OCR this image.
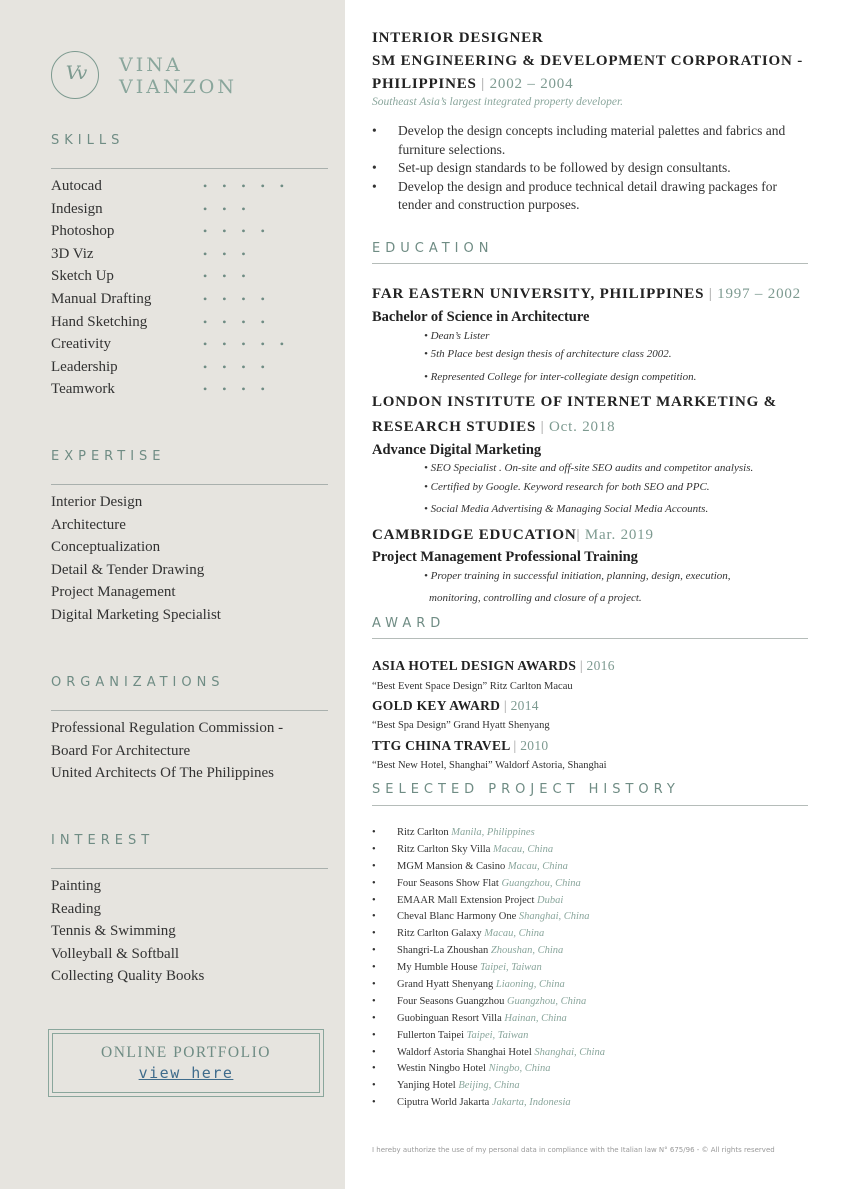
Vv	VINA
VIANZON
SKILLS
Autocad	• • • • •
Indesign	• • •
Photoshop	• • • •
3D Viz	• • •
Sketch Up	• • •
Manual Drafting	• • • •
Hand Sketching	• • • •
Creativity	• • • • •
Leadership	• • • •
Teamwork	• • • •
EXPERTISE
Interior Design
Architecture
Conceptualization
Detail & Tender Drawing
Project Management
Digital Marketing Specialist
ORGANIZATIONS
Professional Regulation Commission -
Board For Architecture
United Architects Of The Philippines
INTEREST
Painting
Reading
Tennis & Swimming
Volleyball & Softball
Collecting Quality Books
ONLINE PORTFOLIO
view here
INTERIOR DESIGNER
SM ENGINEERING & DEVELOPMENT CORPORATION -
PHILIPPINES | 2002 – 2004
Southeast Asia’s largest integrated property developer.
• Develop the design concepts including material palettes and fabrics and furniture selections.
• Set-up design standards to be followed by design consultants.
• Develop the design and produce technical detail drawing packages for tender and construction purposes.
EDUCATION
FAR EASTERN UNIVERSITY, PHILIPPINES | 1997 – 2002
Bachelor of Science in Architecture
• Dean’s Lister
• 5th Place best design thesis of architecture class 2002.
• Represented College for inter-collegiate design competition.
LONDON INSTITUTE OF INTERNET MARKETING &
RESEARCH STUDIES | Oct. 2018
Advance Digital Marketing
• SEO Specialist . On-site and off-site SEO audits and competitor analysis.
• Certified by Google. Keyword research for both SEO and PPC.
• Social Media Advertising & Managing Social Media Accounts.
CAMBRIDGE EDUCATION| Mar. 2019
Project Management Professional Training
• Proper training in successful initiation, planning, design, execution,
monitoring, controlling and closure of a project.
AWARD
ASIA HOTEL DESIGN AWARDS | 2016
“Best Event Space Design” Ritz Carlton Macau
GOLD KEY AWARD | 2014
“Best Spa Design” Grand Hyatt Shenyang
TTG CHINA TRAVEL | 2010
“Best New Hotel, Shanghai” Waldorf Astoria, Shanghai
SELECTED PROJECT HISTORY
• Ritz Carlton Manila, Philippines
• Ritz Carlton Sky Villa Macau, China
• MGM Mansion & Casino Macau, China
• Four Seasons Show Flat Guangzhou, China
• EMAAR Mall Extension Project Dubai
• Cheval Blanc Harmony One Shanghai, China
• Ritz Carlton Galaxy Macau, China
• Shangri-La Zhoushan Zhoushan, China
• My Humble House Taipei, Taiwan
• Grand Hyatt Shenyang Liaoning, China
• Four Seasons Guangzhou Guangzhou, China
• Guobinguan Resort Villa Hainan, China
• Fullerton Taipei Taipei, Taiwan
• Waldorf Astoria Shanghai Hotel Shanghai, China
• Westin Ningbo Hotel Ningbo, China
• Yanjing Hotel Beijing, China
• Ciputra World Jakarta Jakarta, Indonesia
I hereby authorize the use of my personal data in compliance with the Italian law N° 675/96 - © All rights reserved
